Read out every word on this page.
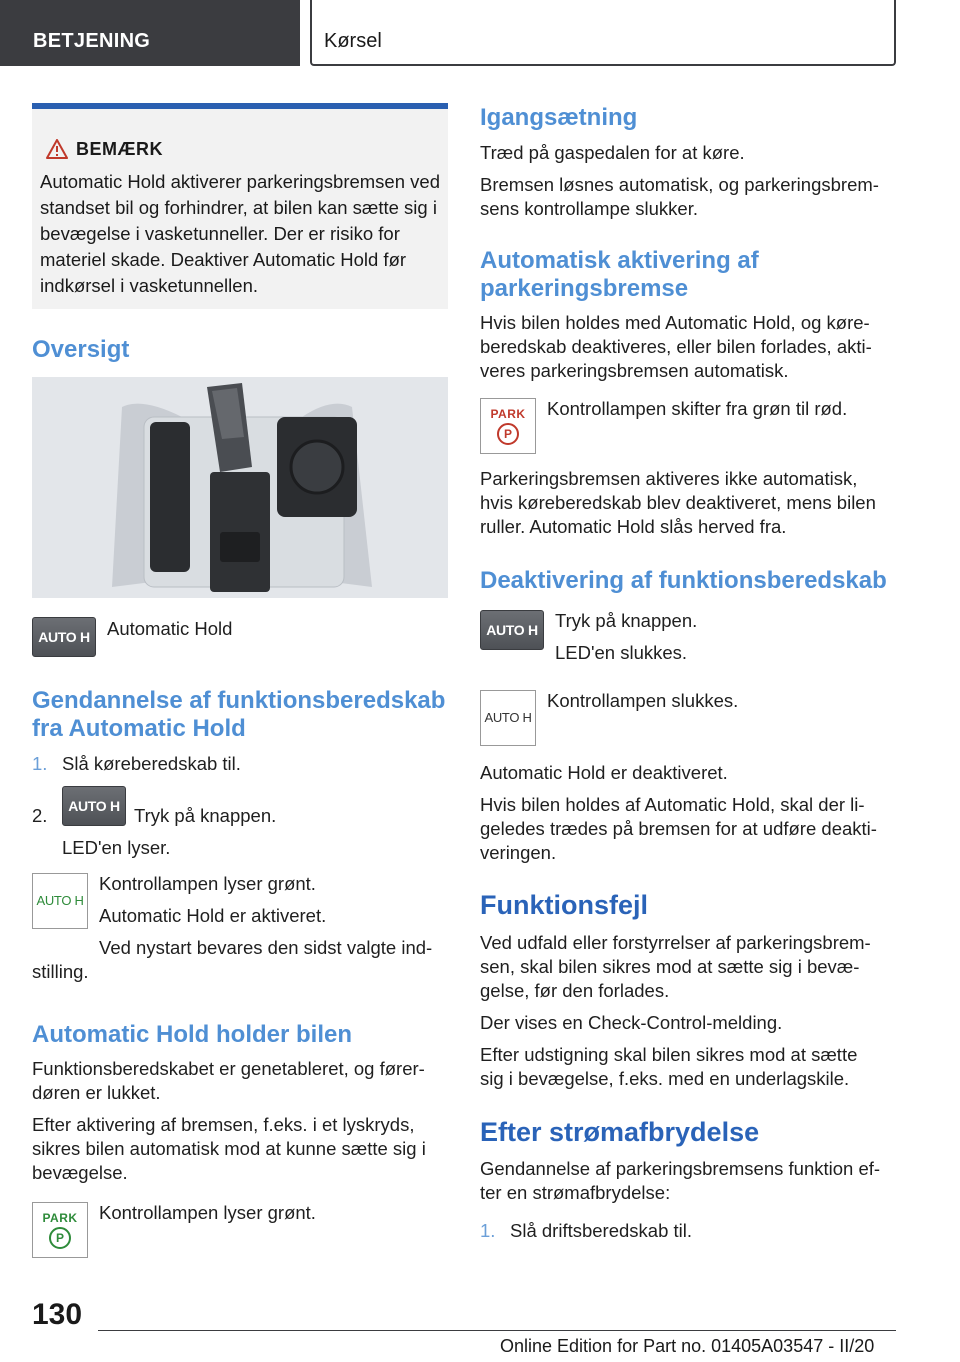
BETJENING	Kørsel
BEMÆRK
Automatic Hold aktiverer parkeringsbremsen ved standset bil og forhindrer, at bilen kan sætte sig i bevægelse i vasketunneller. Der er risiko for materiel skade. Deaktiver Automatic Hold før indkørsel i vasketunnellen.
Oversigt
AUTO H Automatic Hold

Gendannelse af funktionsberedskab
fra Automatic Hold

1. Slå køreberedskab til.

2.	AUTO H Tryk på knappen.

LED'en lyser.

AUTO H

Kontrollampen lyser grønt.

Automatic Hold er aktiveret.

Ved nystart bevares den sidst valgte ind-

stilling.

Automatic Hold holder bilen

Funktionsberedskabet er genetableret, og fører-

døren er lukket.

Efter aktivering af bremsen, f.eks. i et lyskryds,

sikres bilen automatisk mod at kunne sætte sig i

bevægelse.

PARK
P

Kontrollampen lyser grønt.

Igangsætning

Træd på gaspedalen for at køre.

Bremsen løsnes automatisk, og parkeringsbrem-

sens kontrollampe slukker.

Automatisk aktivering af
parkeringsbremse

Hvis bilen holdes med Automatic Hold, og køre-

beredskab deaktiveres, eller bilen forlades, akti-

veres parkeringsbremsen automatisk.

PARK
P

Kontrollampen skifter fra grøn til rød.

Parkeringsbremsen aktiveres ikke automatisk,

hvis køreberedskab blev deaktiveret, mens bilen

ruller. Automatic Hold slås herved fra.

Deaktivering af funktionsberedskab
AUTO H Tryk på knappen.

LED'en slukkes.

AUTO H

Kontrollampen slukkes.

Automatic Hold er deaktiveret.

Hvis bilen holdes af Automatic Hold, skal der li-

geledes trædes på bremsen for at udføre deakti-

veringen.

Funktionsfejl

Ved udfald eller forstyrrelser af parkeringsbrem-

sen, skal bilen sikres mod at sætte sig i bevæ-

gelse, før den forlades.

Der vises en Check-Control-melding.

Efter udstigning skal bilen sikres mod at sætte

sig i bevægelse, f.eks. med en underlagskile.

Efter strømafbrydelse

Gendannelse af parkeringsbremsens funktion ef-

ter en strømafbrydelse:

1. Slå driftsberedskab til.

130
Online Edition for Part no. 01405A03547 - II/20
